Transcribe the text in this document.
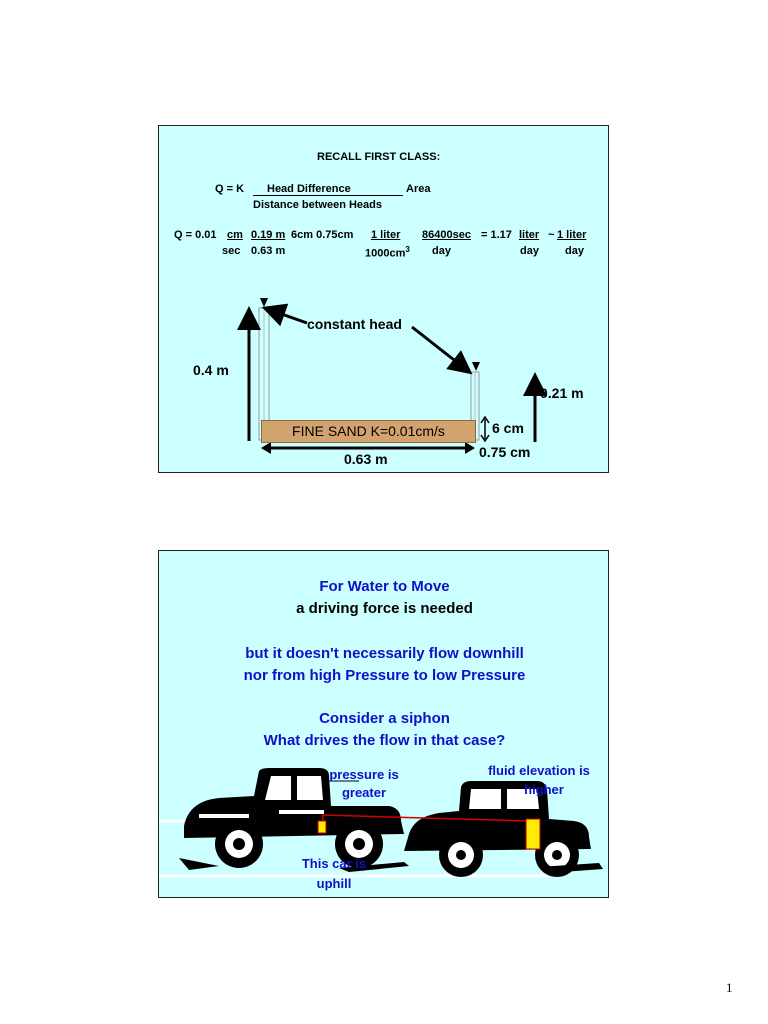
RECALL FIRST CLASS:
Q = K Head Difference	Area
Distance between Heads
Q = 0.01 cm
sec
0.19 m
0.63 m
6cm 0.75cm 1 liter
$1000cm^3$
86400sec
day
= 1.17 liter
day
~ 1 liter
day
FINE SAND K=0.01cm/s
constant head
0.4 m
0.21 m
6 cm
0.75 cm
0.63 m
For Water to Move
a driving force is needed
but it doesn't necessarily flow downhill
nor from high Pressure to low Pressure
Consider a siphon
What drives the flow in that case?
pressure is
greater
fluid elevation is
higher
This car is
uphill
1
